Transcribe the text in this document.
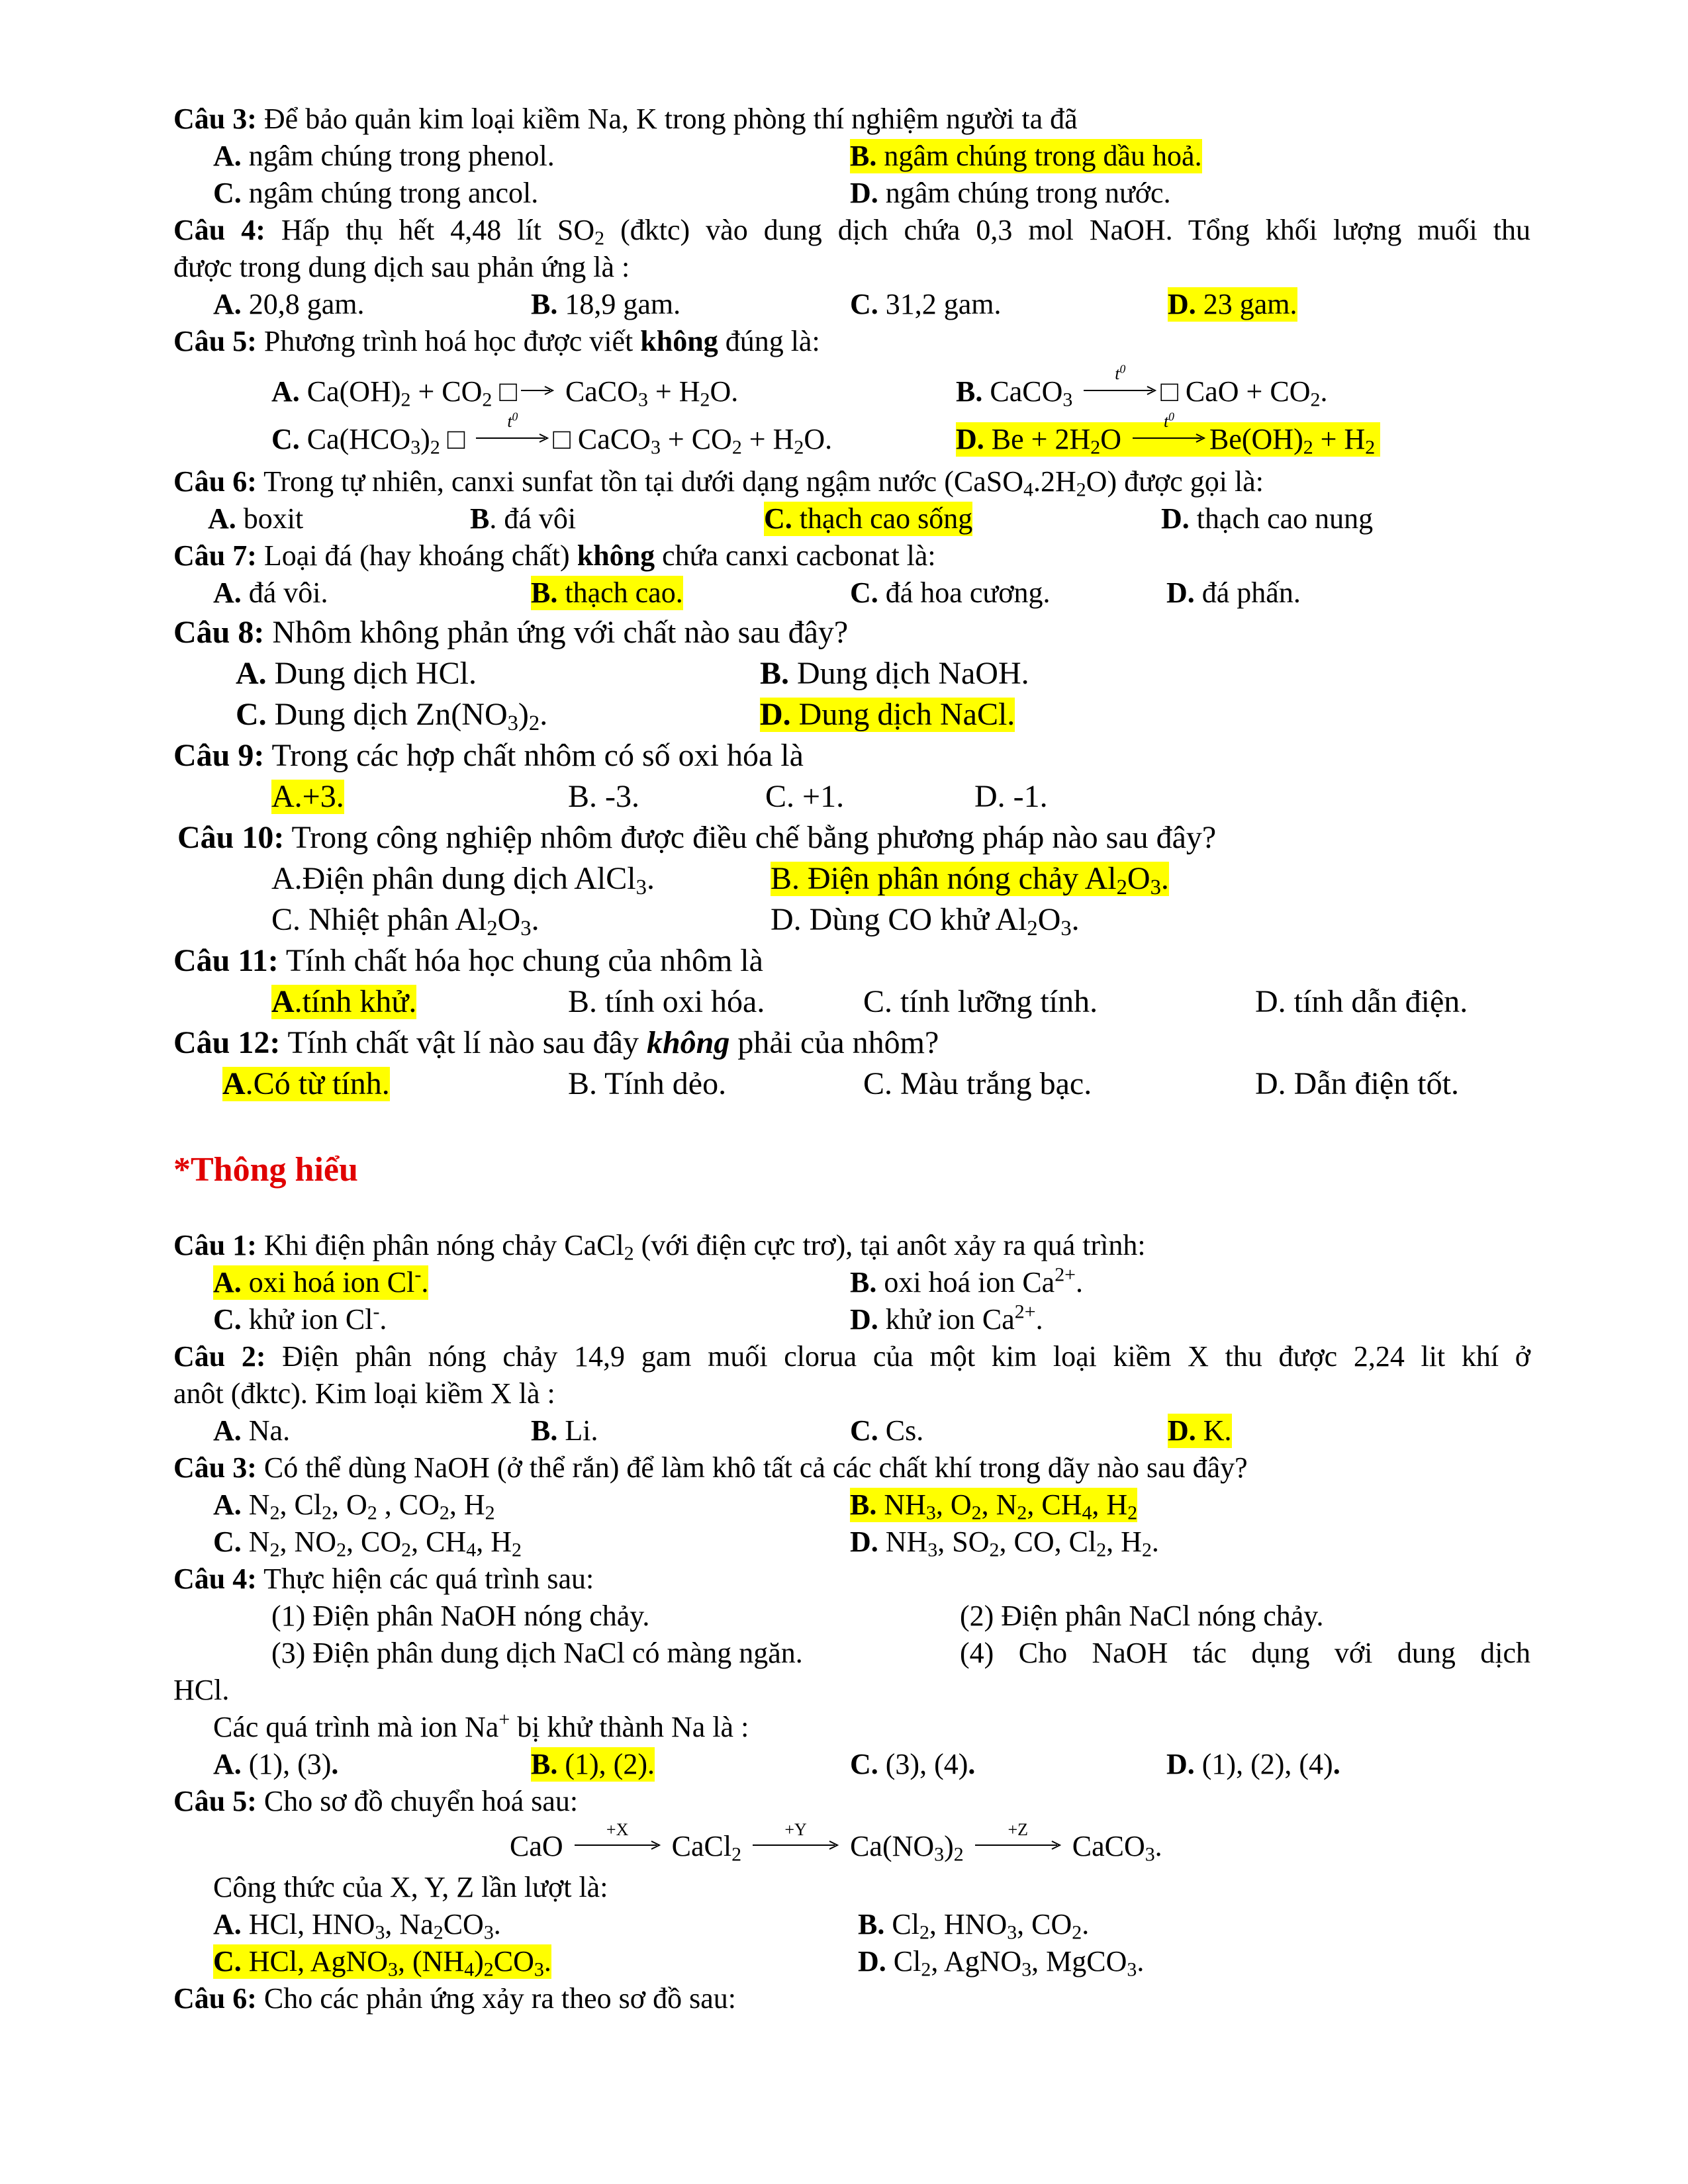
Câu 3: Để bảo quản kim loại kiềm Na, K trong phòng thí nghiệm người ta đã
A. ngâm chúng trong phenol.	B. ngâm chúng trong dầu hoả.
C. ngâm chúng trong ancol.	D. ngâm chúng trong nước.
Câu 4: Hấp thụ hết 4,48 lít $SO_2$ (đktc) vào dung dịch chứa 0,3 mol NaOH. Tổng khối lượng muối thu
được trong dung dịch sau phản ứng là :
A. 20,8 gam.	B. 18,9 gam.	C. 31,2 gam.	D. 23 gam.
Câu 5: Phương trình hoá học được viết không đúng là:
A. $Ca(OH)_2 + CO_2$ □
CaCO$_3$ + $H_2O$.	B. CaCO$_3$
$t^0$
□ CaO + $CO_2$.
C. $Ca(HCO_3)_2$ □
$t^0$
□ CaCO$_3$ + $CO_2 + H_2O$.	D. $Be + 2H_2O$
$t^0$
$Be(OH)_2 + H_2$
Câu 6: Trong tự nhiên, canxi sunfat tồn tại dưới dạng ngậm nước $(CaSO_4.2H_2O)$ được gọi là:
A. boxit	B. đá vôi	C. thạch cao sống	D. thạch cao nung
Câu 7: Loại đá (hay khoáng chất) không chứa canxi cacbonat là:
A. đá vôi.	B. thạch cao.	C. đá hoa cương.	D. đá phấn.
Câu 8: Nhôm không phản ứng với chất nào sau đây?
A. Dung dịch HCl.	B. Dung dịch NaOH.
C. Dung dịch $Zn(NO_3)_2$.	D. Dung dịch NaCl.
Câu 9: Trong các hợp chất nhôm có số oxi hóa là
A.+3.	B. -3.	C. +1.	D. -1.
Câu 10: Trong công nghiệp nhôm được điều chế bằng phương pháp nào sau đây?
A.Điện phân dung dịch AlCl$_3$.	B. Điện phân nóng chảy $Al_2O_3$.
C. Nhiệt phân $Al_2O_3$.	D. Dùng CO khử $Al_2O_3$.
Câu 11: Tính chất hóa học chung của nhôm là
A.tính khử.	B. tính oxi hóa.	C. tính lưỡng tính.	D. tính dẫn điện.
Câu 12: Tính chất vật lí nào sau đây không phải của nhôm?
A.Có từ tính.	B. Tính dẻo.	C. Màu trắng bạc.	D. Dẫn điện tốt.
*Thông hiểu
Câu 1: Khi điện phân nóng chảy CaCl$_2$ (với điện cực trơ), tại anôt xảy ra quá trình:
A. oxi hoá ion Cl-.	B. oxi hoá ion $Ca^{2+}$.
C. khử ion Cl-.	D. khử ion $Ca^{2+}$.
Câu 2: Điện phân nóng chảy 14,9 gam muối clorua của một kim loại kiềm X thu được 2,24 lit khí ở
anôt (đktc). Kim loại kiềm X là :
A. Na.	B. Li.	C. Cs.	D. K.
Câu 3: Có thể dùng NaOH (ở thể rắn) để làm khô tất cả các chất khí trong dãy nào sau đây?
A. $N_2$, $Cl_2$, $O_2$ , $CO_2$, $H_2$	B. $NH_3$, $O_2$, $N_2$, $CH_4$, $H_2$
C. $N_2$, $NO_2$, $CO_2$, $CH_4$, $H_2$	D. $NH_3$, $SO_2$, CO, $Cl_2$, $H_2$.
Câu 4: Thực hiện các quá trình sau:
(1) Điện phân NaOH nóng chảy.	(2) Điện phân NaCl nóng chảy.
(3) Điện phân dung dịch NaCl có màng ngăn.	(4) Cho NaOH tác dụng với dung dịch
HCl.
Các quá trình mà ion Na+ bị khử thành Na là :
A. (1), (3).	B. (1), (2).	C. (3), (4).	D. (1), (2), (4).
Câu 5: Cho sơ đồ chuyển hoá sau:
CaO
+X
CaCl$_2$
+Y
$Ca(NO_3)_2$
+Z
CaCO$_3$.
Công thức của X, Y, Z lần lượt là:
A. HCl, $HNO_3$, $Na_2CO_3$.	B. $Cl_2$, $HNO_3$, $CO_2$.
C. HCl, AgNO$_3$, $(NH_4)_2CO_3$.	D. $Cl_2$, AgNO$_3$, MgCO$_3$.
Câu 6: Cho các phản ứng xảy ra theo sơ đồ sau:
